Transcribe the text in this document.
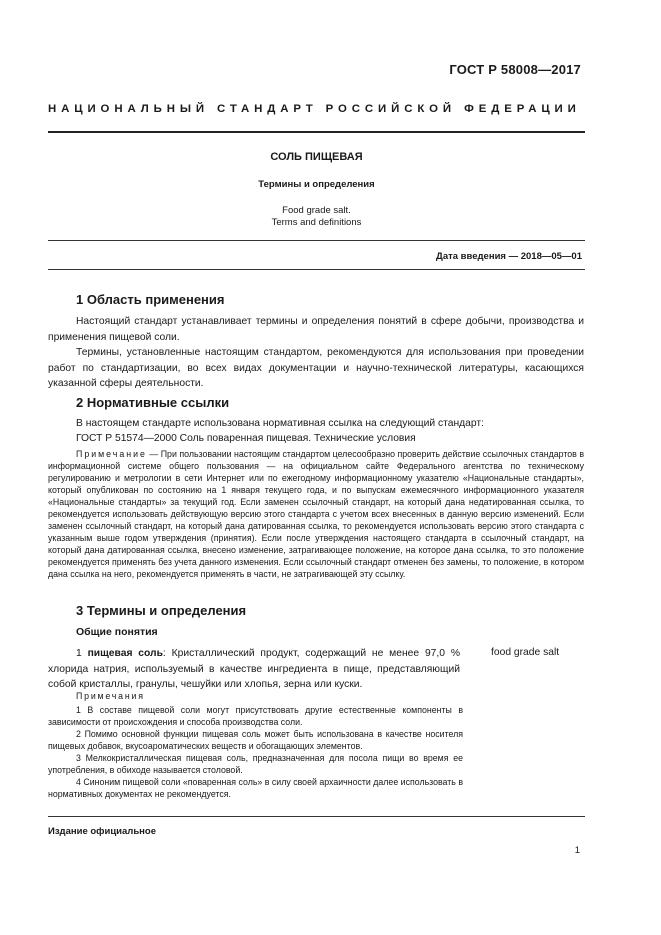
ГОСТ Р 58008—2017
НАЦИОНАЛЬНЫЙ СТАНДАРТ РОССИЙСКОЙ ФЕДЕРАЦИИ
СОЛЬ ПИЩЕВАЯ
Термины и определения
Food grade salt.
Terms and definitions
Дата введения — 2018—05—01
1 Область применения
Настоящий стандарт устанавливает термины и определения понятий в сфере добычи, производства и применения пищевой соли.
Термины, установленные настоящим стандартом, рекомендуются для использования при проведении работ по стандартизации, во всех видах документации и научно-технической литературы, касающихся указанной сферы деятельности.
2 Нормативные ссылки
В настоящем стандарте использована нормативная ссылка на следующий стандарт:
ГОСТ Р 51574—2000 Соль поваренная пищевая. Технические условия
Примечание — При пользовании настоящим стандартом целесообразно проверить действие ссылочных стандартов в информационной системе общего пользования — на официальном сайте Федерального агентства по техническому регулированию и метрологии в сети Интернет или по ежегодному информационному указателю «Национальные стандарты», который опубликован по состоянию на 1 января текущего года, и по выпускам ежемесячного информационного указателя «Национальные стандарты» за текущий год. Если заменен ссылочный стандарт, на который дана недатированная ссылка, то рекомендуется использовать действующую версию этого стандарта с учетом всех внесенных в данную версию изменений. Если заменен ссылочный стандарт, на который дана датированная ссылка, то рекомендуется использовать версию этого стандарта с указанным выше годом утверждения (принятия). Если после утверждения настоящего стандарта в ссылочный стандарт, на который дана датированная ссылка, внесено изменение, затрагивающее положение, на которое дана ссылка, то это положение рекомендуется применять без учета данного изменения. Если ссылочный стандарт отменен без замены, то положение, в котором дана ссылка на него, рекомендуется применять в части, не затрагивающей эту ссылку.
3 Термины и определения
Общие понятия
1 пищевая соль: Кристаллический продукт, содержащий не менее 97,0 % хлорида натрия, используемый в качестве ингредиента в пище, представляющий собой кристаллы, гранулы, чешуйки или хлопья, зерна или куски.
food grade salt
Примечания
1 В составе пищевой соли могут присутствовать другие естественные компоненты в зависимости от происхождения и способа производства соли.
2 Помимо основной функции пищевая соль может быть использована в качестве носителя пищевых добавок, вкусоароматических веществ и обогащающих элементов.
3 Мелкокристаллическая пищевая соль, предназначенная для посола пищи во время ее употребления, в обиходе называется столовой.
4 Синоним пищевой соли «поваренная соль» в силу своей архаичности далее использовать в нормативных документах не рекомендуется.
Издание официальное
1
